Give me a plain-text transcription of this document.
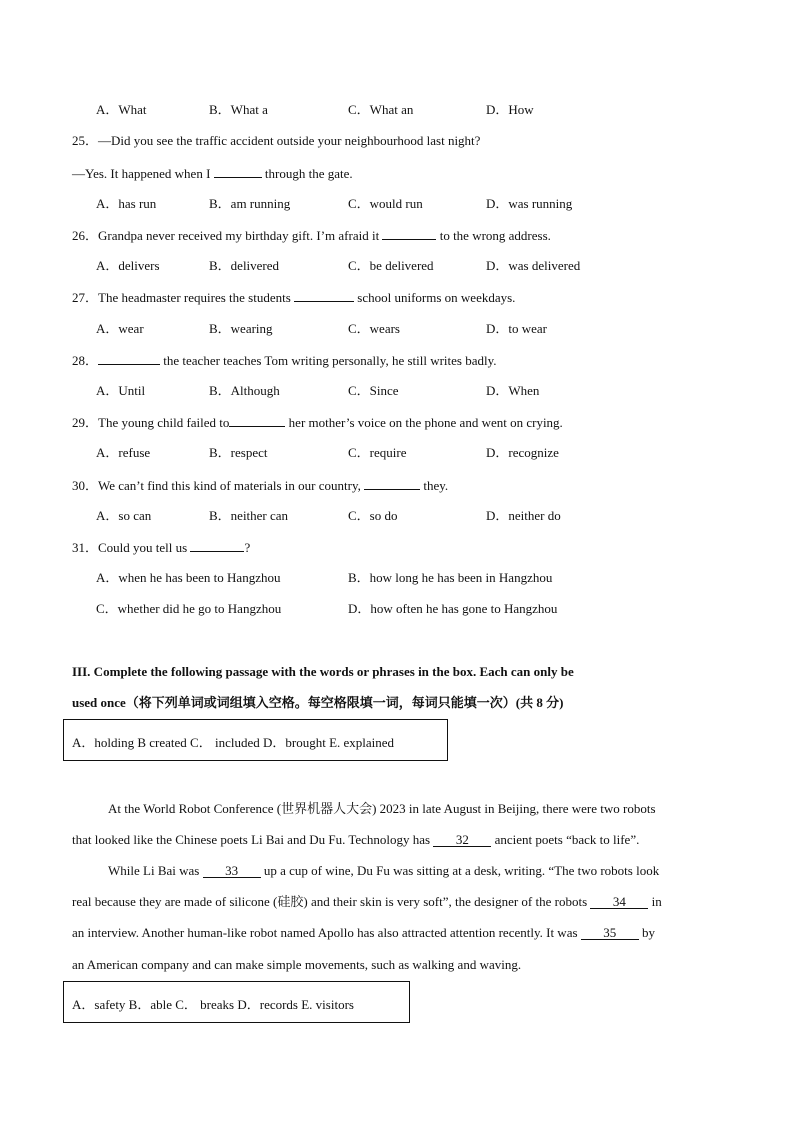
A．What	B．What a	C．What an	D．How
25．—Did you see the traffic accident outside your neighbourhood last night?
—Yes. It happened when I	through the gate.
A．has run	B．am running	C．would run	D．was running
26．Grandpa never received my birthday gift. I’m afraid it	to the wrong address.
A．delivers	B．delivered	C．be delivered	D．was delivered
27．The headmaster requires the students	school uniforms on weekdays.
A．wear	B．wearing	C．wears	D．to wear
28．	the teacher teaches Tom writing personally, he still writes badly.
A．Until	B．Although	C．Since	D．When
29．The young child failed to	her mother’s voice on the phone and went on crying.
A．refuse	B．respect	C．require	D．recognize
30．We can’t find this kind of materials in our country,	they.
A．so can	B．neither can	C．so do	D．neither do
31．Could you tell us	?
A．when he has been to Hangzhou	B．how long he has been in Hangzhou
C．whether did he go to Hangzhou	D．how often he has gone to Hangzhou
III. Complete the following passage with the words or phrases in the box. Each can only be
used once（将下列单词或词组填入空格。每空格限填一词，每词只能填一次）(共 8 分)
A．holding B created C． included D．brought E. explained
At the World Robot Conference (世界机器人大会) 2023 in late August in Beijing, there were two robots
that looked like the Chinese poets Li Bai and Du Fu. Technology has 32 ancient poets “back to life”.
While Li Bai was 33 up a cup of wine, Du Fu was sitting at a desk, writing. “The two robots look
real because they are made of silicone (硅胶) and their skin is very soft”, the designer of the robots 34 in
an interview. Another human-like robot named Apollo has also attracted attention recently. It was 35 by
an American company and can make simple movements, such as walking and waving.
A．safety B．able C． breaks D．records E. visitors
